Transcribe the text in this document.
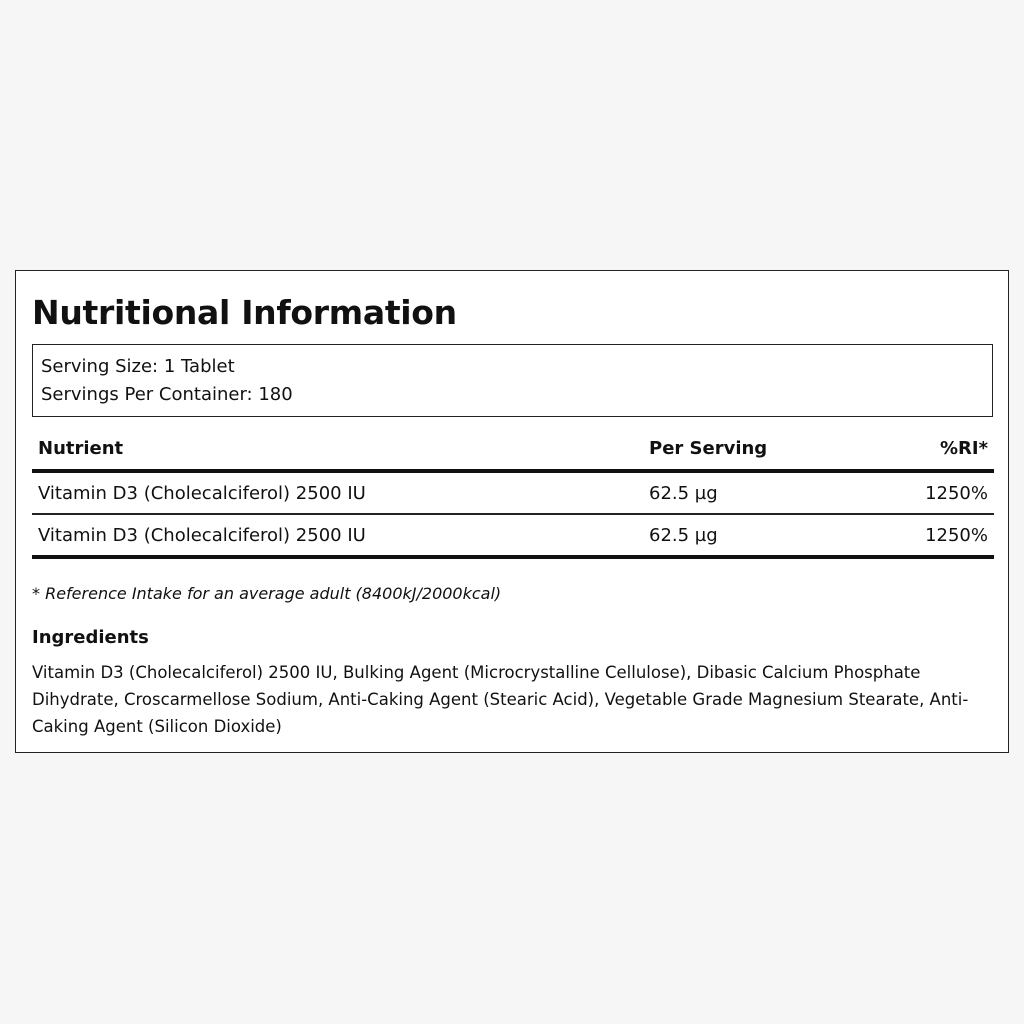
Nutritional Information
Serving Size: 1 Tablet
Servings Per Container: 180
Nutrient	Per Serving	%RI*
Vitamin D3 (Cholecalciferol) 2500 IU	62.5 µg	1250%
Vitamin D3 (Cholecalciferol) 2500 IU	62.5 µg	1250%
* Reference Intake for an average adult (8400kJ/2000kcal)
Ingredients
Vitamin D3 (Cholecalciferol) 2500 IU, Bulking Agent (Microcrystalline Cellulose), Dibasic Calcium Phosphate Dihydrate, Croscarmellose Sodium, Anti-Caking Agent (Stearic Acid), Vegetable Grade Magnesium Stearate, Anti-Caking Agent (Silicon Dioxide)
